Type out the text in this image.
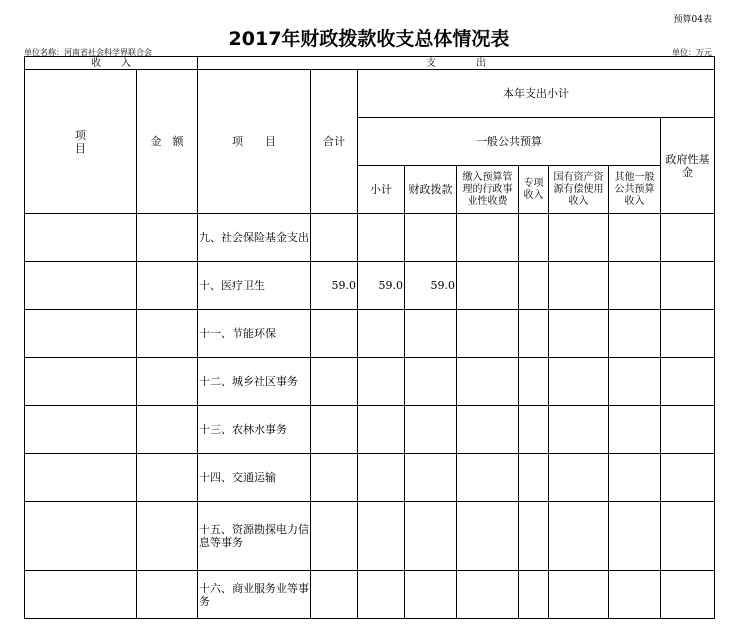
预算04表
2017年财政拨款收支总体情况表
单位名称：河南省社会科学界联合会	单位：万元
收　　入		支　　　　出								
项
目	金　额	项　　目	合计	本年支出小计						
				一般公共预算						政府性基金
				小计	财政拨款	缴入预算管理的行政事业性收费	专项收入	国有资产资源有偿使用收入	其他一般公共预算收入	
		九、社会保险基金支出								
		十、医疗卫生	59.0	59.0	59.0					
		十一、节能环保								
		十二、城乡社区事务								
		十三、农林水事务								
		十四、交通运输								
		十五、资源勘探电力信息等事务								
		十六、商业服务业等事务								
